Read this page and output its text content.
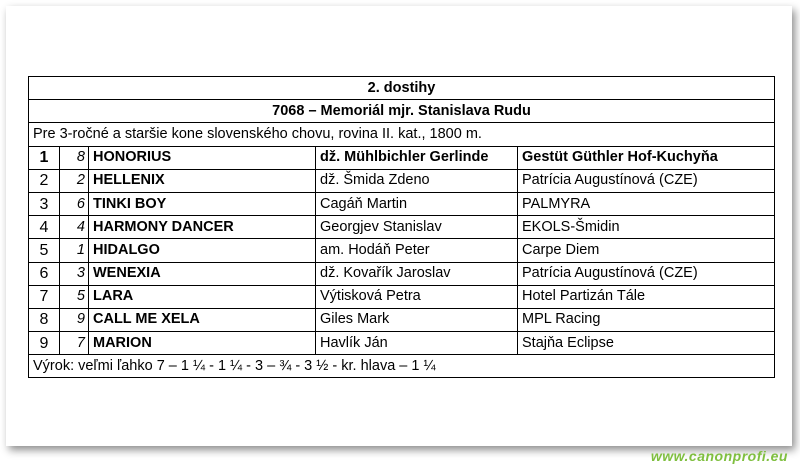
2. dostihy				
7068 – Memoriál mjr. Stanislava Rudu				
Pre 3-ročné a staršie kone slovenského chovu, rovina II. kat., 1800 m.				
1	8	HONORIUS	dž. Mühlbichler Gerlinde	Gestüt Güthler Hof-Kuchyňa
2	2	HELLENIX	dž. Šmida Zdeno	Patrícia Augustínová (CZE)
3	6	TINKI BOY	Cagáň Martin	PALMYRA
4	4	HARMONY DANCER	Georgjev Stanislav	EKOLS-Šmidin
5	1	HIDALGO	am. Hodáň Peter	Carpe Diem
6	3	WENEXIA	dž. Kovařík Jaroslav	Patrícia Augustínová (CZE)
7	5	LARA	Výtisková Petra	Hotel Partizán Tále
8	9	CALL ME XELA	Giles Mark	MPL Racing
9	7	MARION	Havlík Ján	Stajňa Eclipse
Výrok: veľmi ľahko 7 – 1 ¼ - 1 ¼ - 3 – ¾ - 3 ½ - kr. hlava – 1 ¼				
www.canonprofi.eu
